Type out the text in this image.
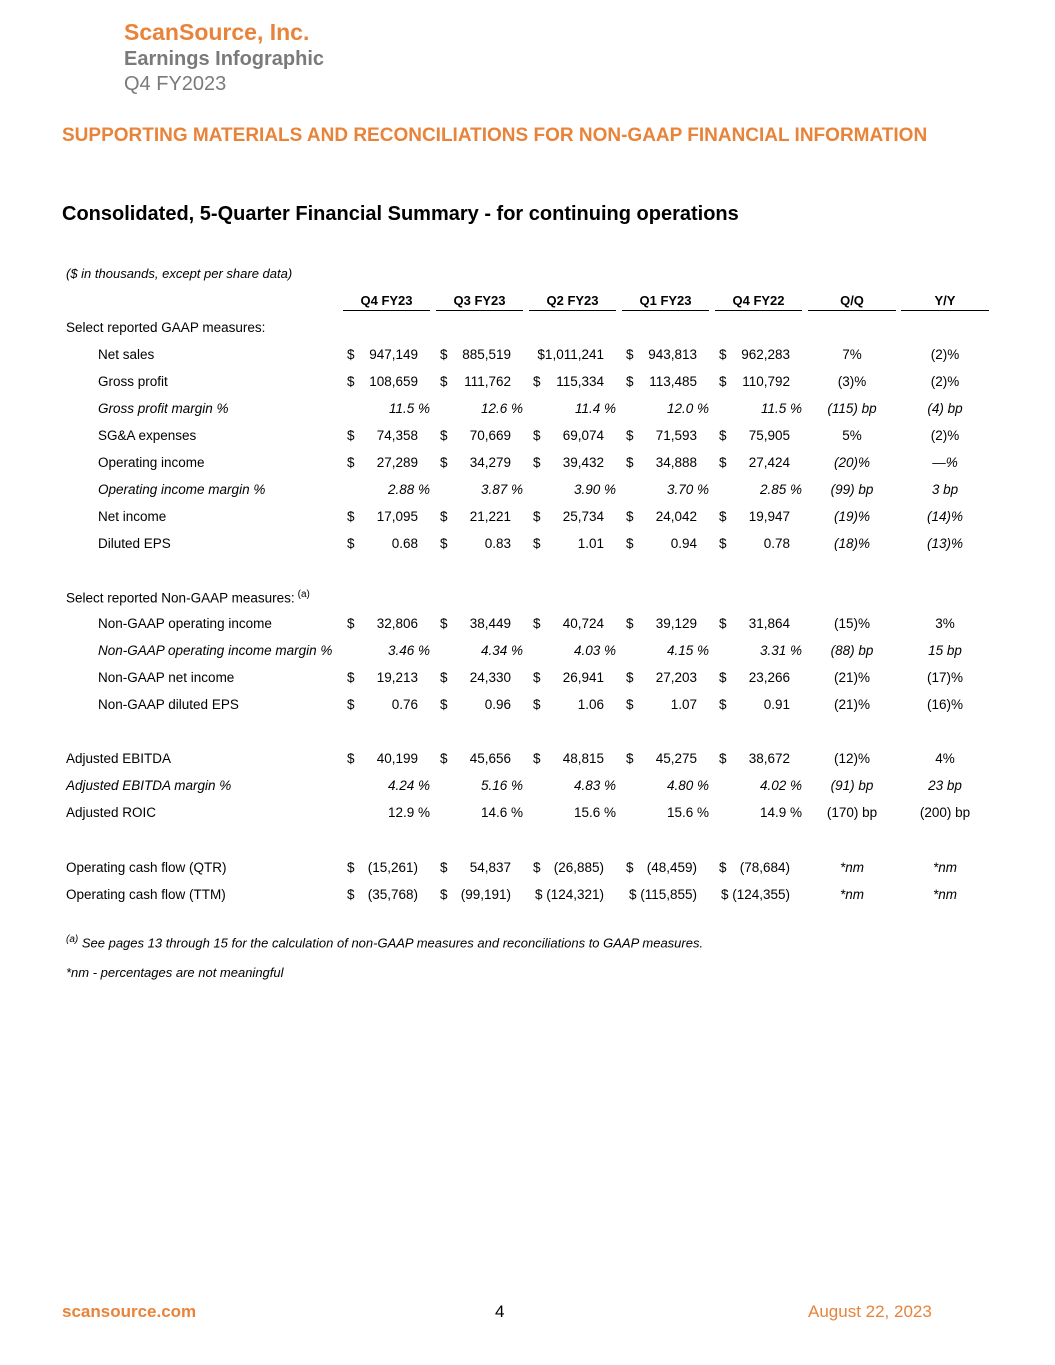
ScanSource, Inc.
Earnings Infographic
Q4 FY2023
SUPPORTING MATERIALS AND RECONCILIATIONS FOR NON-GAAP FINANCIAL INFORMATION
Consolidated, 5-Quarter Financial Summary - for continuing operations
($ in thousands, except per share data)
Q4 FY23	Q3 FY23	Q2 FY23	Q1 FY23	Q4 FY22	Q/Q	Y/Y
Select reported GAAP measures:
Net sales	$ 947,149 $ 885,519 $1,011,241 $ 943,813 $ 962,283	7%	(2)%
Gross profit	$ 108,659 $ 111,762 $ 115,334 $ 113,485 $ 110,792	(3)%	(2)%
Gross profit margin %	11.5 %	12.6 %	11.4 %	12.0 %	11.5 %	(115) bp	(4) bp
SG&A expenses	$ 74,358 $ 70,669 $ 69,074 $ 71,593 $ 75,905	5%	(2)%
Operating income	$ 27,289 $ 34,279 $ 39,432 $ 34,888 $ 27,424	(20)%	—%
Operating income margin %	2.88 %	3.87 %	3.90 %	3.70 %	2.85 %	(99) bp	3 bp
Net income	$ 17,095 $ 21,221 $ 25,734 $ 24,042 $ 19,947	(19)%	(14)%
Diluted EPS	$	0.68 $	0.83 $	1.01 $	0.94 $	0.78	(18)%	(13)%
Select reported Non-GAAP measures: $^{(a)}$
Non-GAAP operating income	$ 32,806 $ 38,449 $ 40,724 $ 39,129 $ 31,864	(15)%	3%
Non-GAAP operating income margin %	3.46 %	4.34 %	4.03 %	4.15 %	3.31 %	(88) bp	15 bp
Non-GAAP net income	$ 19,213 $ 24,330 $ 26,941 $ 27,203 $ 23,266	(21)%	(17)%
Non-GAAP diluted EPS	$	0.76 $	0.96 $	1.06 $	1.07 $	0.91	(21)%	(16)%
Adjusted EBITDA	$ 40,199 $ 45,656 $ 48,815 $ 45,275 $ 38,672	(12)%	4%
Adjusted EBITDA margin %	4.24 %	5.16 %	4.83 %	4.80 %	4.02 %	(91) bp	23 bp
Adjusted ROIC	12.9 %	14.6 %	15.6 %	15.6 %	14.9 %	(170) bp	(200) bp
Operating cash flow (QTR)	$ (15,261) $ 54,837 $ (26,885) $ (48,459) $ (78,684)	*nm	*nm
Operating cash flow (TTM)	$ (35,768) $ (99,191) $ (124,321) $ (115,855) $ (124,355)	*nm	*nm
$^{(a)}$ See pages 13 through 15 for the calculation of non-GAAP measures and reconciliations to GAAP measures.
*nm - percentages are not meaningful
scansource.com	4	August 22, 2023
